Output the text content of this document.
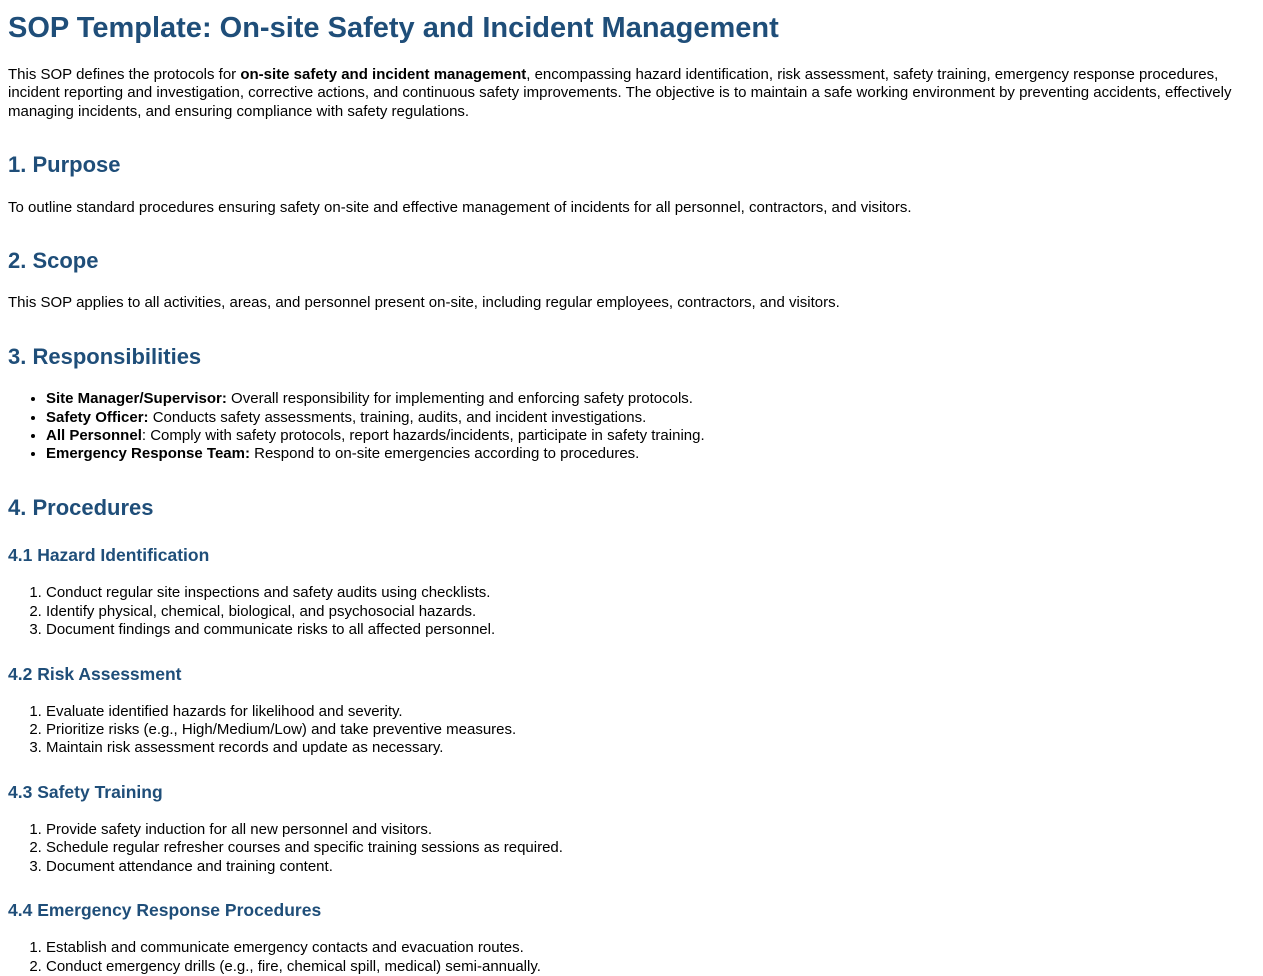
SOP Template: On-site Safety and Incident Management

This SOP defines the protocols for on-site safety and incident management, encompassing hazard identification, risk assessment, safety training, emergency response procedures, incident reporting and investigation, corrective actions, and continuous safety improvements. The objective is to maintain a safe working environment by preventing accidents, effectively managing incidents, and ensuring compliance with safety regulations.

1. Purpose

To outline standard procedures ensuring safety on-site and effective management of incidents for all personnel, contractors, and visitors.

2. Scope

This SOP applies to all activities, areas, and personnel present on-site, including regular employees, contractors, and visitors.

3. Responsibilities
• Site Manager/Supervisor: Overall responsibility for implementing and enforcing safety protocols.
• Safety Officer: Conducts safety assessments, training, audits, and incident investigations.
• All Personnel: Comply with safety protocols, report hazards/incidents, participate in safety training.
• Emergency Response Team: Respond to on-site emergencies according to procedures.
4. Procedures
4.1 Hazard Identification
1. Conduct regular site inspections and safety audits using checklists.
2. Identify physical, chemical, biological, and psychosocial hazards.
3. Document findings and communicate risks to all affected personnel.
4.2 Risk Assessment
1. Evaluate identified hazards for likelihood and severity.
2. Prioritize risks (e.g., High/Medium/Low) and take preventive measures.
3. Maintain risk assessment records and update as necessary.
4.3 Safety Training
1. Provide safety induction for all new personnel and visitors.
2. Schedule regular refresher courses and specific training sessions as required.
3. Document attendance and training content.
4.4 Emergency Response Procedures
1. Establish and communicate emergency contacts and evacuation routes.
2. Conduct emergency drills (e.g., fire, chemical spill, medical) semi-annually.
